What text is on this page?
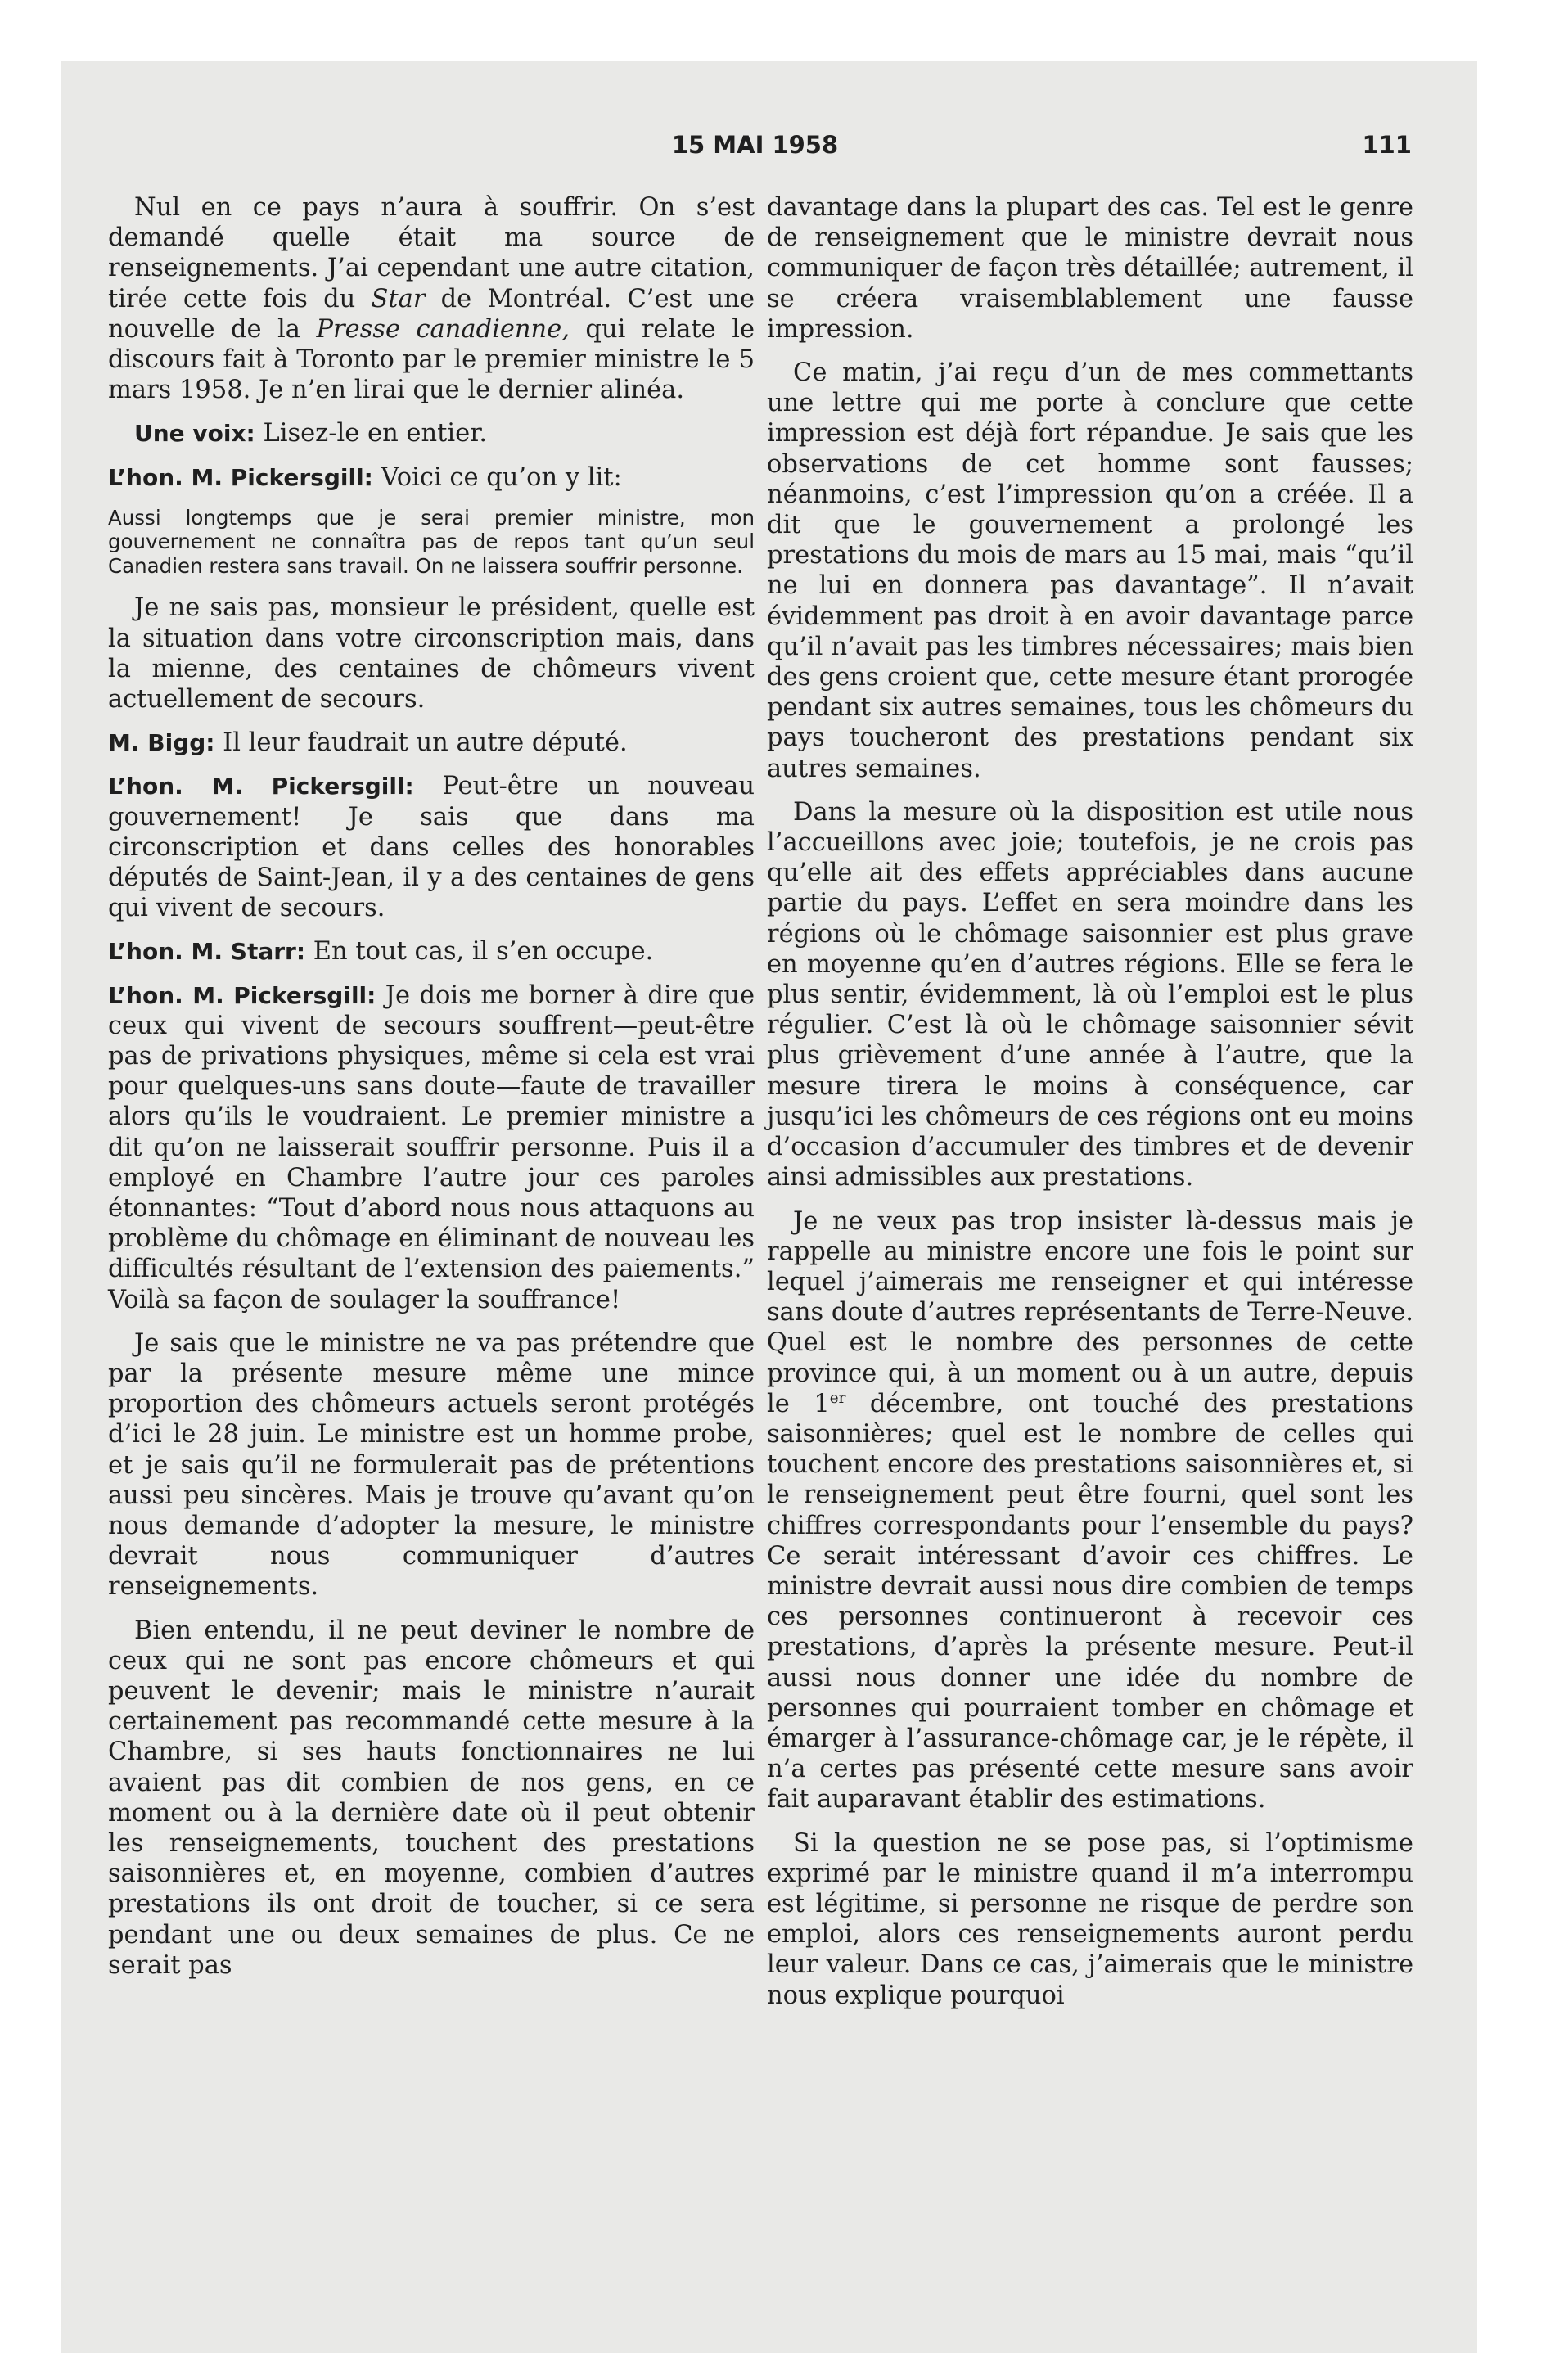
15 MAI 1958	111

Nul en ce pays n’aura à souffrir. On s’est demandé quelle était ma source de renseignements. J’ai cependant une autre citation, tirée cette fois du Star de Montréal. C’est une nouvelle de la Presse canadienne, qui relate le discours fait à Toronto par le premier ministre le 5 mars 1958. Je n’en lirai que le dernier alinéa.

Une voix: Lisez-le en entier.

L’hon. M. Pickersgill: Voici ce qu’on y lit:

Aussi longtemps que je serai premier ministre, mon gouvernement ne connaîtra pas de repos tant qu’un seul Canadien restera sans travail. On ne laissera souffrir personne.

Je ne sais pas, monsieur le président, quelle est la situation dans votre circonscription mais, dans la mienne, des centaines de chômeurs vivent actuellement de secours.

M. Bigg: Il leur faudrait un autre député.

L’hon. M. Pickersgill: Peut-être un nouveau gouvernement! Je sais que dans ma circonscription et dans celles des honorables députés de Saint-Jean, il y a des centaines de gens qui vivent de secours.

L’hon. M. Starr: En tout cas, il s’en occupe.

L’hon. M. Pickersgill: Je dois me borner à dire que ceux qui vivent de secours souffrent—peut-être pas de privations physiques, même si cela est vrai pour quelques-uns sans doute—faute de travailler alors qu’ils le voudraient. Le premier ministre a dit qu’on ne laisserait souffrir personne. Puis il a employé en Chambre l’autre jour ces paroles étonnantes: “Tout d’abord nous nous attaquons au problème du chômage en éliminant de nouveau les difficultés résultant de l’extension des paiements.” Voilà sa façon de soulager la souffrance!

Je sais que le ministre ne va pas prétendre que par la présente mesure même une mince proportion des chômeurs actuels seront protégés d’ici le 28 juin. Le ministre est un homme probe, et je sais qu’il ne formulerait pas de prétentions aussi peu sincères. Mais je trouve qu’avant qu’on nous demande d’adopter la mesure, le ministre devrait nous communiquer d’autres renseignements.

Bien entendu, il ne peut deviner le nombre de ceux qui ne sont pas encore chômeurs et qui peuvent le devenir; mais le ministre n’aurait certainement pas recommandé cette mesure à la Chambre, si ses hauts fonctionnaires ne lui avaient pas dit combien de nos gens, en ce moment ou à la dernière date où il peut obtenir les renseignements, touchent des prestations saisonnières et, en moyenne, combien d’autres prestations ils ont droit de toucher, si ce sera pendant une ou deux semaines de plus. Ce ne serait pas

davantage dans la plupart des cas. Tel est le genre de renseignement que le ministre devrait nous communiquer de façon très détaillée; autrement, il se créera vraisemblablement une fausse impression.

Ce matin, j’ai reçu d’un de mes commettants une lettre qui me porte à conclure que cette impression est déjà fort répandue. Je sais que les observations de cet homme sont fausses; néanmoins, c’est l’impression qu’on a créée. Il a dit que le gouvernement a prolongé les prestations du mois de mars au 15 mai, mais “qu’il ne lui en donnera pas davantage”. Il n’avait évidemment pas droit à en avoir davantage parce qu’il n’avait pas les timbres nécessaires; mais bien des gens croient que, cette mesure étant prorogée pendant six autres semaines, tous les chômeurs du pays toucheront des prestations pendant six autres semaines.

Dans la mesure où la disposition est utile nous l’accueillons avec joie; toutefois, je ne crois pas qu’elle ait des effets appréciables dans aucune partie du pays. L’effet en sera moindre dans les régions où le chômage saisonnier est plus grave en moyenne qu’en d’autres régions. Elle se fera le plus sentir, évidemment, là où l’emploi est le plus régulier. C’est là où le chômage saisonnier sévit plus grièvement d’une année à l’autre, que la mesure tirera le moins à conséquence, car jusqu’ici les chômeurs de ces régions ont eu moins d’occasion d’accumuler des timbres et de devenir ainsi admissibles aux prestations.

Je ne veux pas trop insister là-dessus mais je rappelle au ministre encore une fois le point sur lequel j’aimerais me renseigner et qui intéresse sans doute d’autres représentants de Terre-Neuve. Quel est le nombre des personnes de cette province qui, à un moment ou à un autre, depuis le 1er décembre, ont touché des prestations saisonnières; quel est le nombre de celles qui touchent encore des prestations saisonnières et, si le renseignement peut être fourni, quel sont les chiffres correspondants pour l’ensemble du pays? Ce serait intéressant d’avoir ces chiffres. Le ministre devrait aussi nous dire combien de temps ces personnes continueront à recevoir ces prestations, d’après la présente mesure. Peut-il aussi nous donner une idée du nombre de personnes qui pourraient tomber en chômage et émarger à l’assurance-chômage car, je le répète, il n’a certes pas présenté cette mesure sans avoir fait auparavant établir des estimations.

Si la question ne se pose pas, si l’optimisme exprimé par le ministre quand il m’a interrompu est légitime, si personne ne risque de perdre son emploi, alors ces renseignements auront perdu leur valeur. Dans ce cas, j’aimerais que le ministre nous explique pourquoi
